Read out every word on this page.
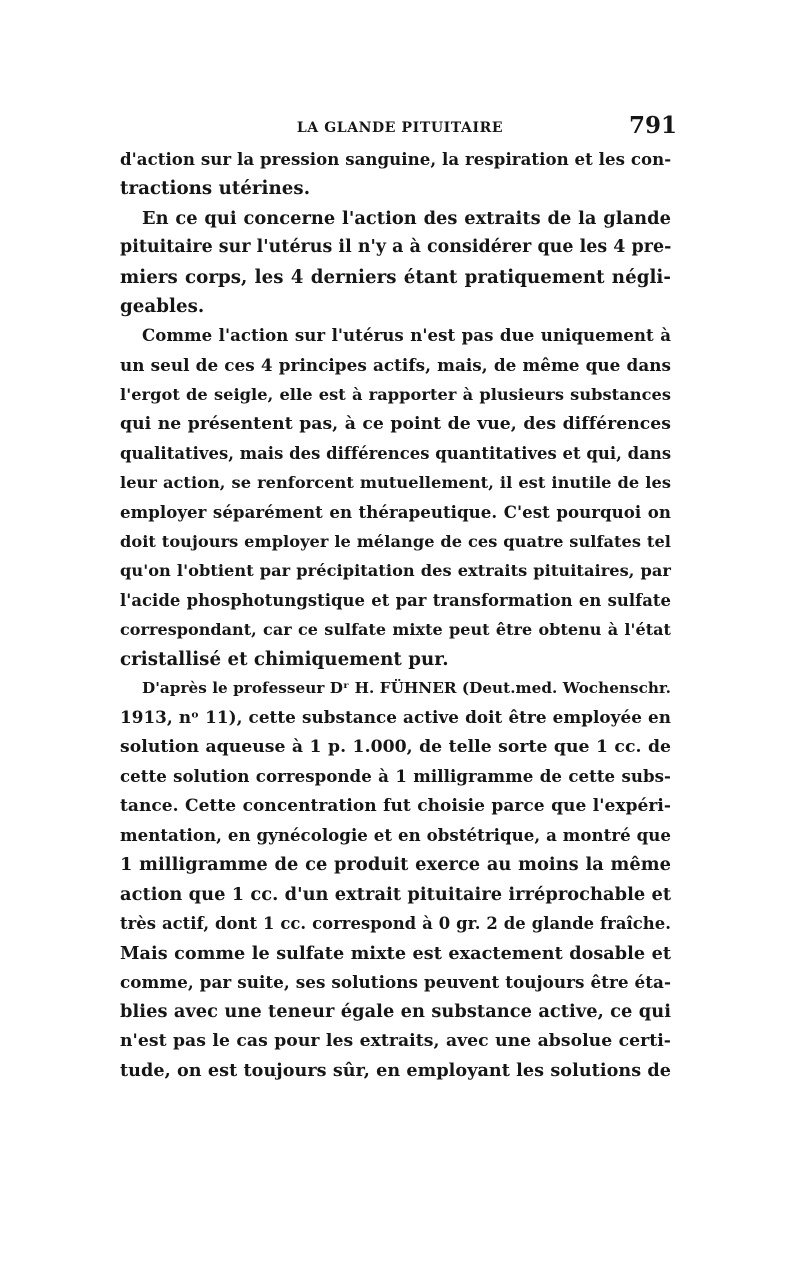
LA GLANDE PITUITAIRE	791
d'action sur la pression sanguine, la respiration et les con-
tractions utérines.
En ce qui concerne l'action des extraits de la glande
pituitaire sur l'utérus il n'y a à considérer que les 4 pre-
miers corps, les 4 derniers étant pratiquement négli-
geables.
Comme l'action sur l'utérus n'est pas due uniquement à
un seul de ces 4 principes actifs, mais, de même que dans
l'ergot de seigle, elle est à rapporter à plusieurs substances
qui ne présentent pas, à ce point de vue, des différences
qualitatives, mais des différences quantitatives et qui, dans
leur action, se renforcent mutuellement, il est inutile de les
employer séparément en thérapeutique. C'est pourquoi on
doit toujours employer le mélange de ces quatre sulfates tel
qu'on l'obtient par précipitation des extraits pituitaires, par
l'acide phosphotungstique et par transformation en sulfate
correspondant, car ce sulfate mixte peut être obtenu à l'état
cristallisé et chimiquement pur.
D'après le professeur Dʳ H. FÜHNER (Deut.med. Wochenschr.
1913, nᵒ 11), cette substance active doit être employée en
solution aqueuse à 1 p. 1.000, de telle sorte que 1 cc. de
cette solution corresponde à 1 milligramme de cette subs-
tance. Cette concentration fut choisie parce que l'expéri-
mentation, en gynécologie et en obstétrique, a montré que
1 milligramme de ce produit exerce au moins la même
action que 1 cc. d'un extrait pituitaire irréprochable et
très actif, dont 1 cc. correspond à 0 gr. 2 de glande fraîche.
Mais comme le sulfate mixte est exactement dosable et
comme, par suite, ses solutions peuvent toujours être éta-
blies avec une teneur égale en substance active, ce qui
n'est pas le cas pour les extraits, avec une absolue certi-
tude, on est toujours sûr, en employant les solutions de
